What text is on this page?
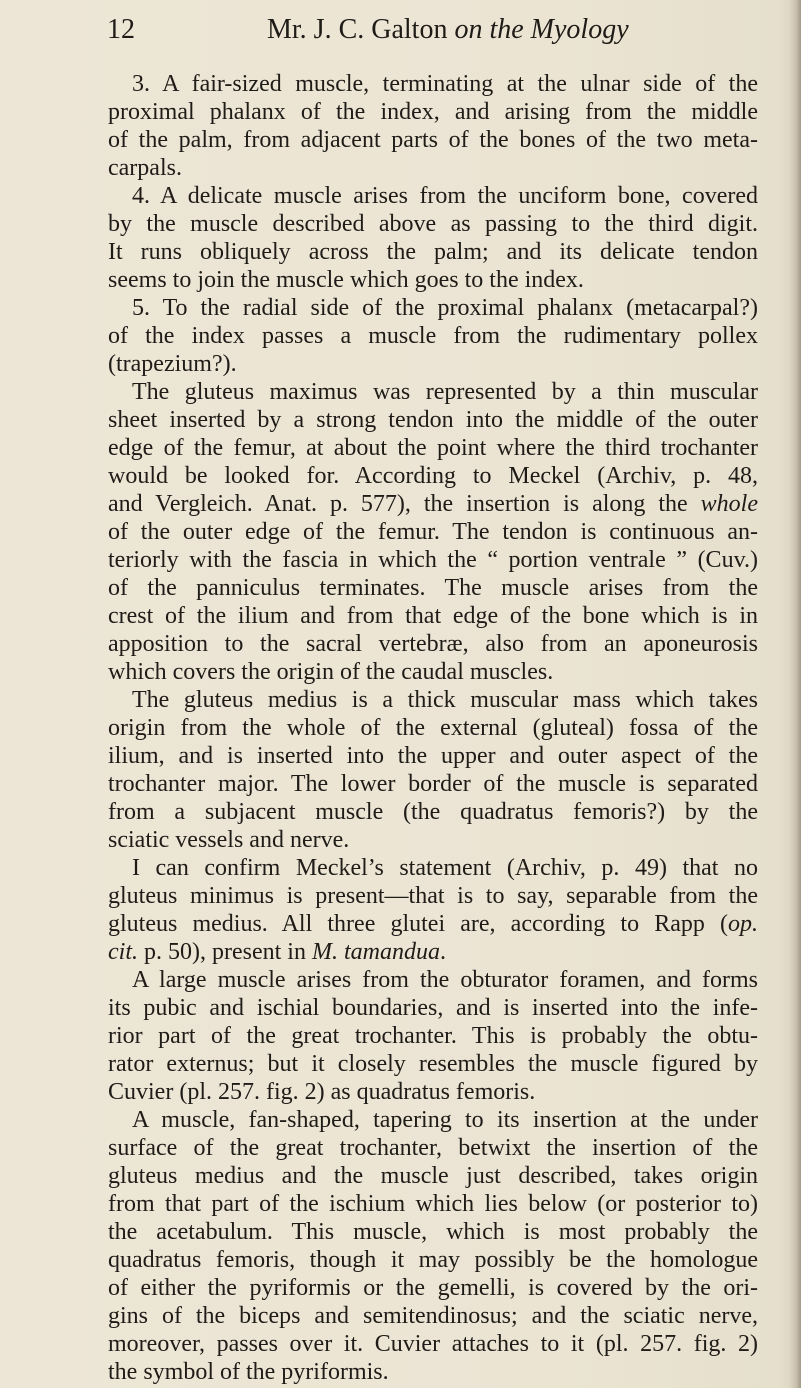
12	Mr. J. C. Galton on the Myology
3. A fair-sized muscle, terminating at the ulnar side of the
proximal phalanx of the index, and arising from the middle
of the palm, from adjacent parts of the bones of the two meta-
carpals.
4. A delicate muscle arises from the unciform bone, covered
by the muscle described above as passing to the third digit.
It runs obliquely across the palm; and its delicate tendon
seems to join the muscle which goes to the index.
5. To the radial side of the proximal phalanx (metacarpal?)
of the index passes a muscle from the rudimentary pollex
(trapezium?).
The gluteus maximus was represented by a thin muscular
sheet inserted by a strong tendon into the middle of the outer
edge of the femur, at about the point where the third trochanter
would be looked for. According to Meckel (Archiv, p. 48,
and Vergleich. Anat. p. 577), the insertion is along the whole
of the outer edge of the femur. The tendon is continuous an-
teriorly with the fascia in which the “ portion ventrale ” (Cuv.)
of the panniculus terminates. The muscle arises from the
crest of the ilium and from that edge of the bone which is in
apposition to the sacral vertebræ, also from an aponeurosis
which covers the origin of the caudal muscles.
The gluteus medius is a thick muscular mass which takes
origin from the whole of the external (gluteal) fossa of the
ilium, and is inserted into the upper and outer aspect of the
trochanter major. The lower border of the muscle is separated
from a subjacent muscle (the quadratus femoris?) by the
sciatic vessels and nerve.
I can confirm Meckel’s statement (Archiv, p. 49) that no
gluteus minimus is present—that is to say, separable from the
gluteus medius. All three glutei are, according to Rapp (op.
cit. p. 50), present in M. tamandua.
A large muscle arises from the obturator foramen, and forms
its pubic and ischial boundaries, and is inserted into the infe-
rior part of the great trochanter. This is probably the obtu-
rator externus; but it closely resembles the muscle figured by
Cuvier (pl. 257. fig. 2) as quadratus femoris.
A muscle, fan-shaped, tapering to its insertion at the under
surface of the great trochanter, betwixt the insertion of the
gluteus medius and the muscle just described, takes origin
from that part of the ischium which lies below (or posterior to)
the acetabulum. This muscle, which is most probably the
quadratus femoris, though it may possibly be the homologue
of either the pyriformis or the gemelli, is covered by the ori-
gins of the biceps and semitendinosus; and the sciatic nerve,
moreover, passes over it. Cuvier attaches to it (pl. 257. fig. 2)
the symbol of the pyriformis.
